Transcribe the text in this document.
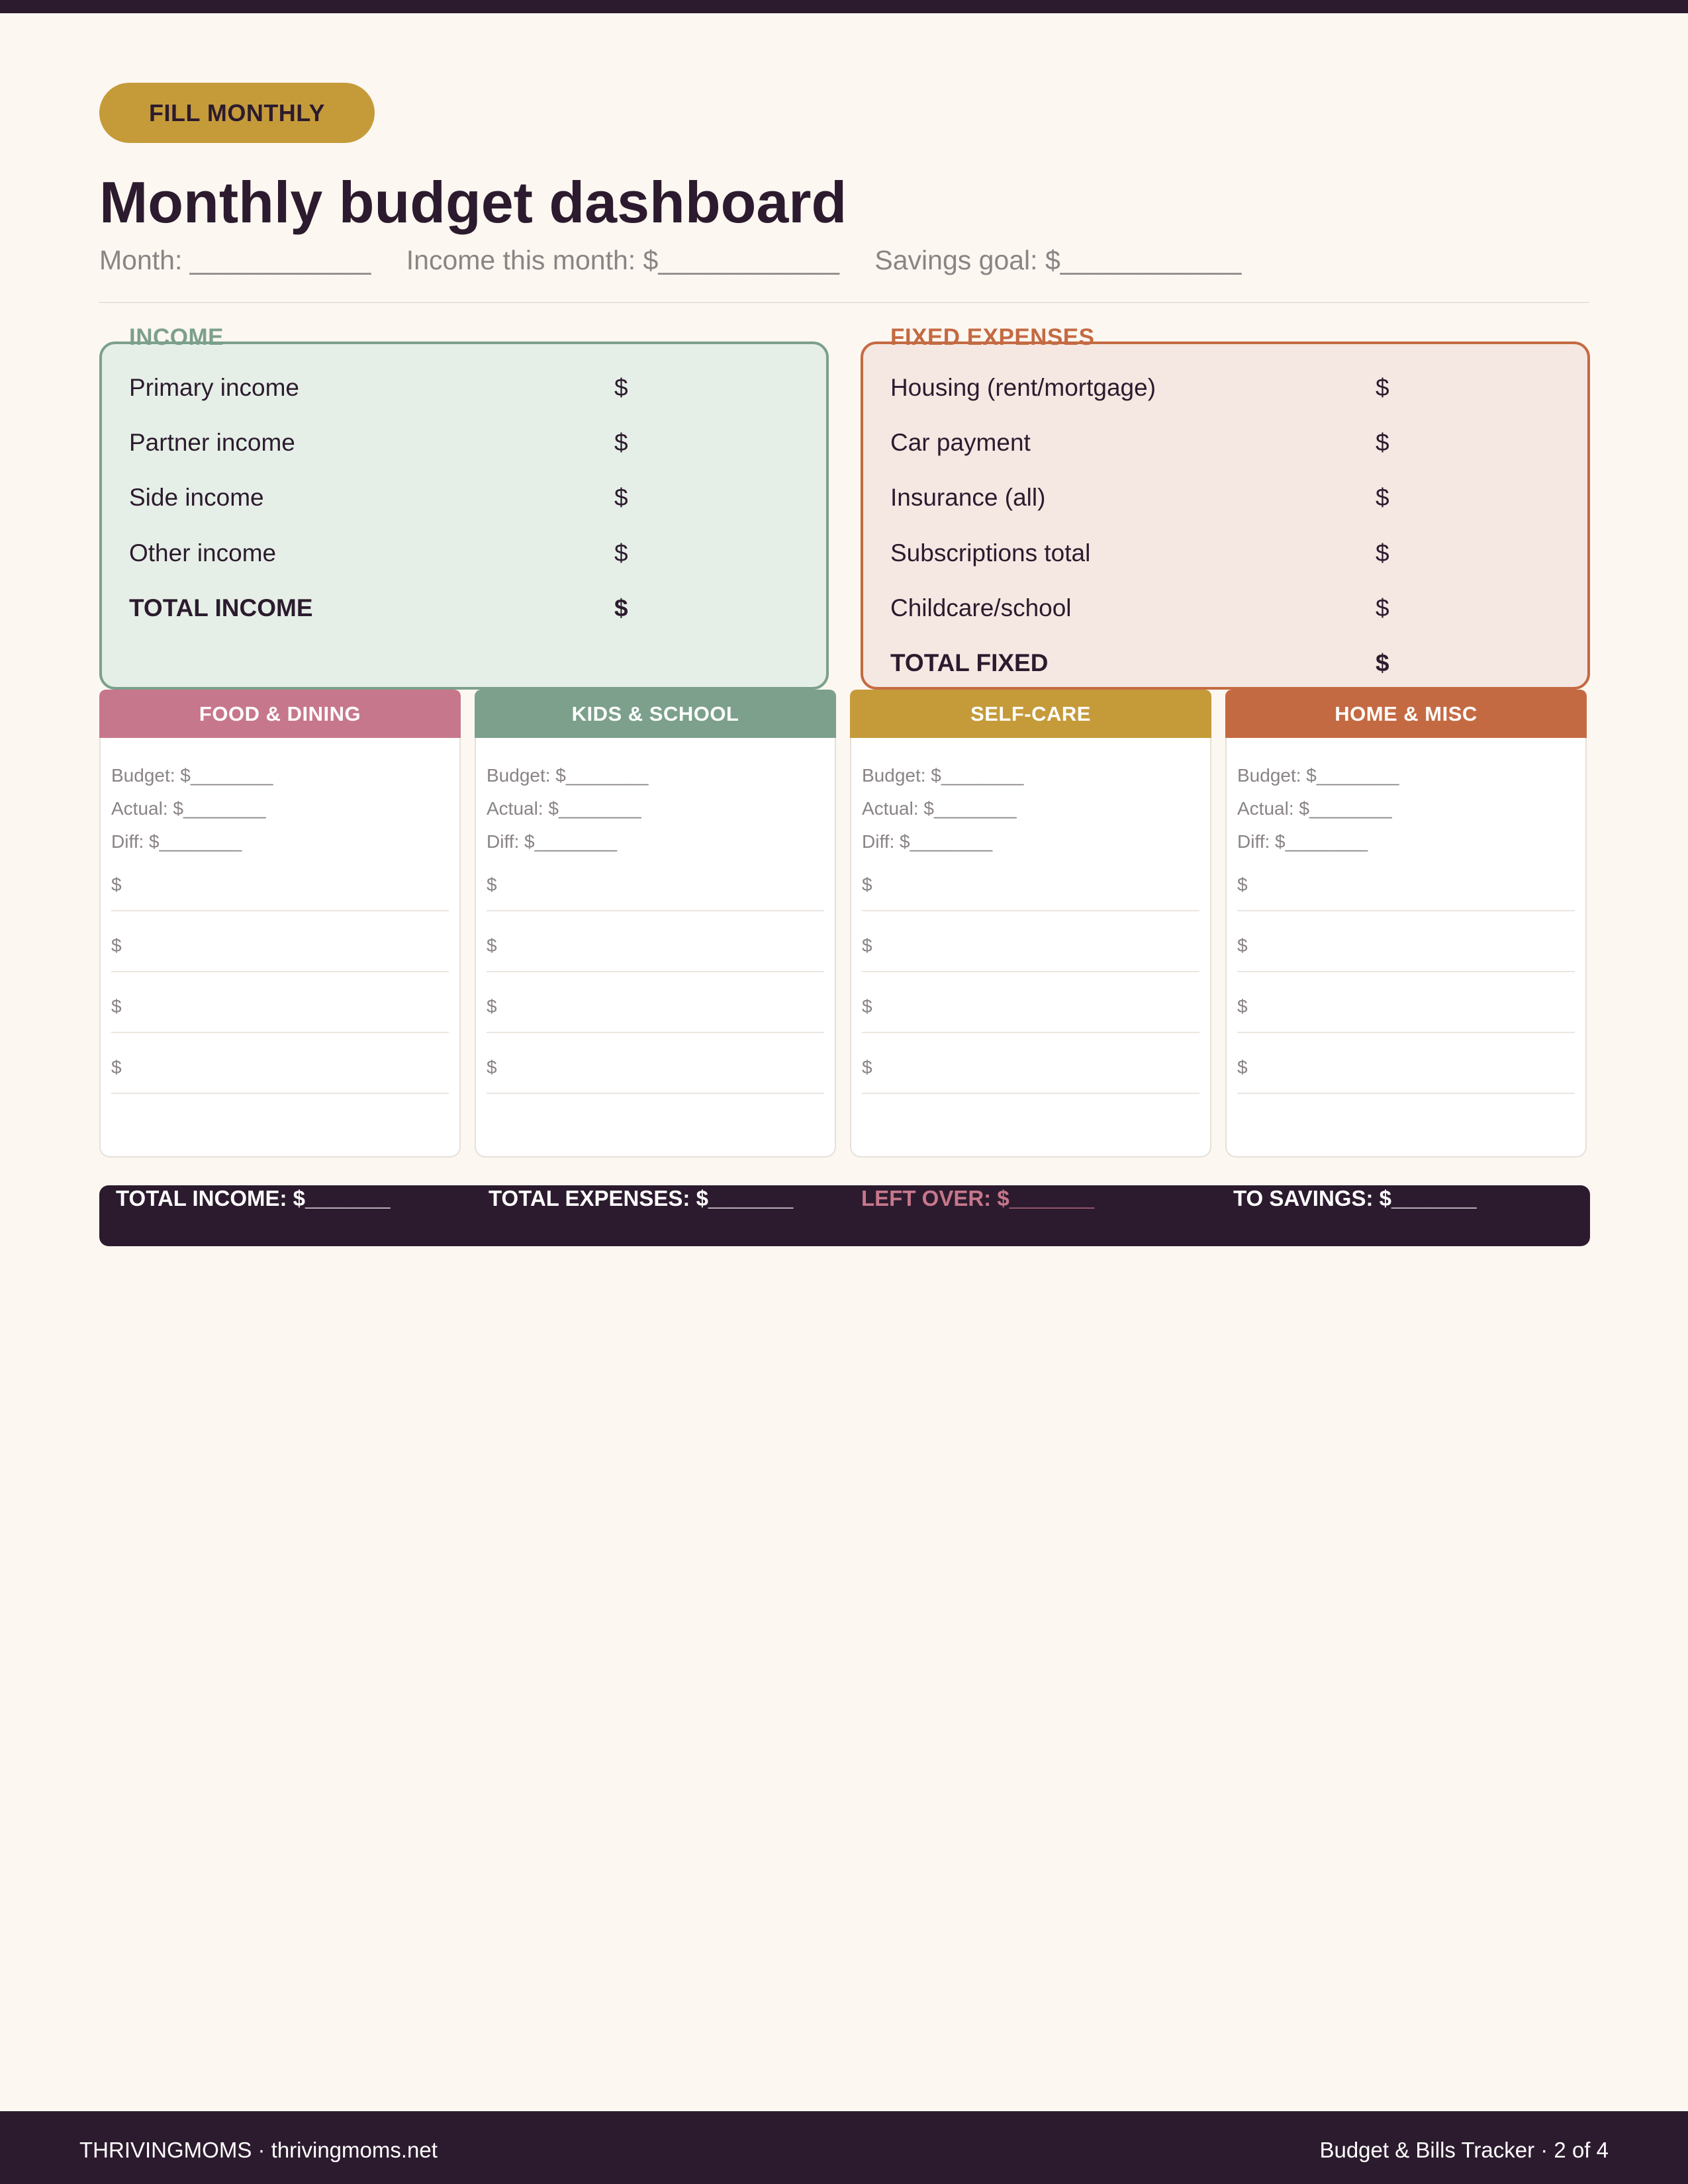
FILL MONTHLY
Monthly budget dashboard
Month: ____________ Income this month: $____________ Savings goal: $____________
INCOME
Primary income	$
Partner income	$
Side income	$
Other income	$
TOTAL INCOME	$
FIXED EXPENSES
Housing (rent/mortgage)	$
Car payment	$
Insurance (all)	$
Subscriptions total	$
Childcare/school	$
TOTAL FIXED	$
FOOD & DINING
Budget: $________
Actual: $________
Diff: $________
$
$
$
$
KIDS & SCHOOL
Budget: $________
Actual: $________
Diff: $________
$
$
$
$
SELF-CARE
Budget: $________
Actual: $________
Diff: $________
$
$
$
$
HOME & MISC
Budget: $________
Actual: $________
Diff: $________
$
$
$
$
TOTAL INCOME: $_______	TOTAL EXPENSES: $_______	LEFT OVER: $_______	TO SAVINGS: $_______
THRIVINGMOMS · thrivingmoms.net	Budget & Bills Tracker · 2 of 4
